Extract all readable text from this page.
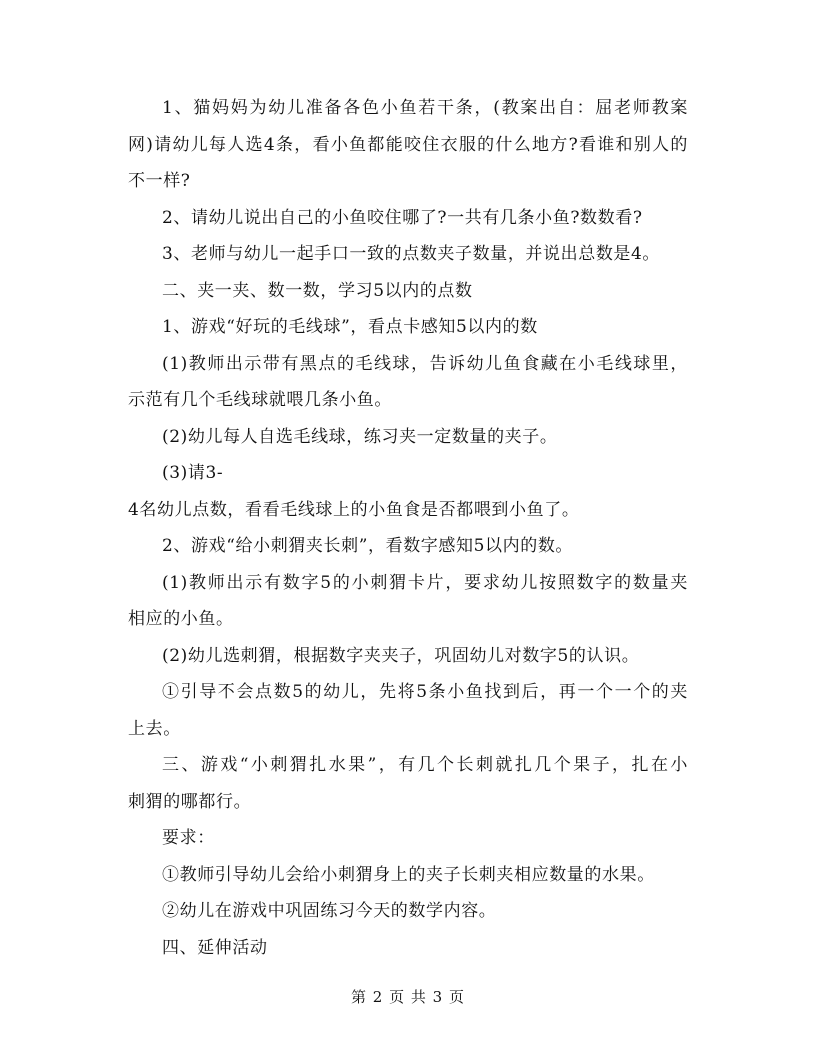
1、猫妈妈为幼儿准备各色小鱼若干条，(教案出自：屈老师教案
网)请幼儿每人选4条，看小鱼都能咬住衣服的什么地方?看谁和别人的
不一样?
2、请幼儿说出自己的小鱼咬住哪了?一共有几条小鱼?数数看?
3、老师与幼儿一起手口一致的点数夹子数量，并说出总数是4。
二、夹一夹、数一数，学习5以内的点数
1、游戏“好玩的毛线球”，看点卡感知5以内的数
(1)教师出示带有黑点的毛线球，告诉幼儿鱼食藏在小毛线球里，
示范有几个毛线球就喂几条小鱼。
(2)幼儿每人自选毛线球，练习夹一定数量的夹子。
(3)请3-
4名幼儿点数，看看毛线球上的小鱼食是否都喂到小鱼了。
2、游戏“给小刺猬夹长刺”，看数字感知5以内的数。
(1)教师出示有数字5的小刺猬卡片，要求幼儿按照数字的数量夹
相应的小鱼。
(2)幼儿选刺猬，根据数字夹夹子，巩固幼儿对数字5的认识。
①引导不会点数5的幼儿，先将5条小鱼找到后，再一个一个的夹
上去。
三、游戏“小刺猬扎水果”，有几个长刺就扎几个果子，扎在小
刺猬的哪都行。
要求：
①教师引导幼儿会给小刺猬身上的夹子长刺夹相应数量的水果。
②幼儿在游戏中巩固练习今天的数学内容。
四、延伸活动
第 2 页 共 3 页
